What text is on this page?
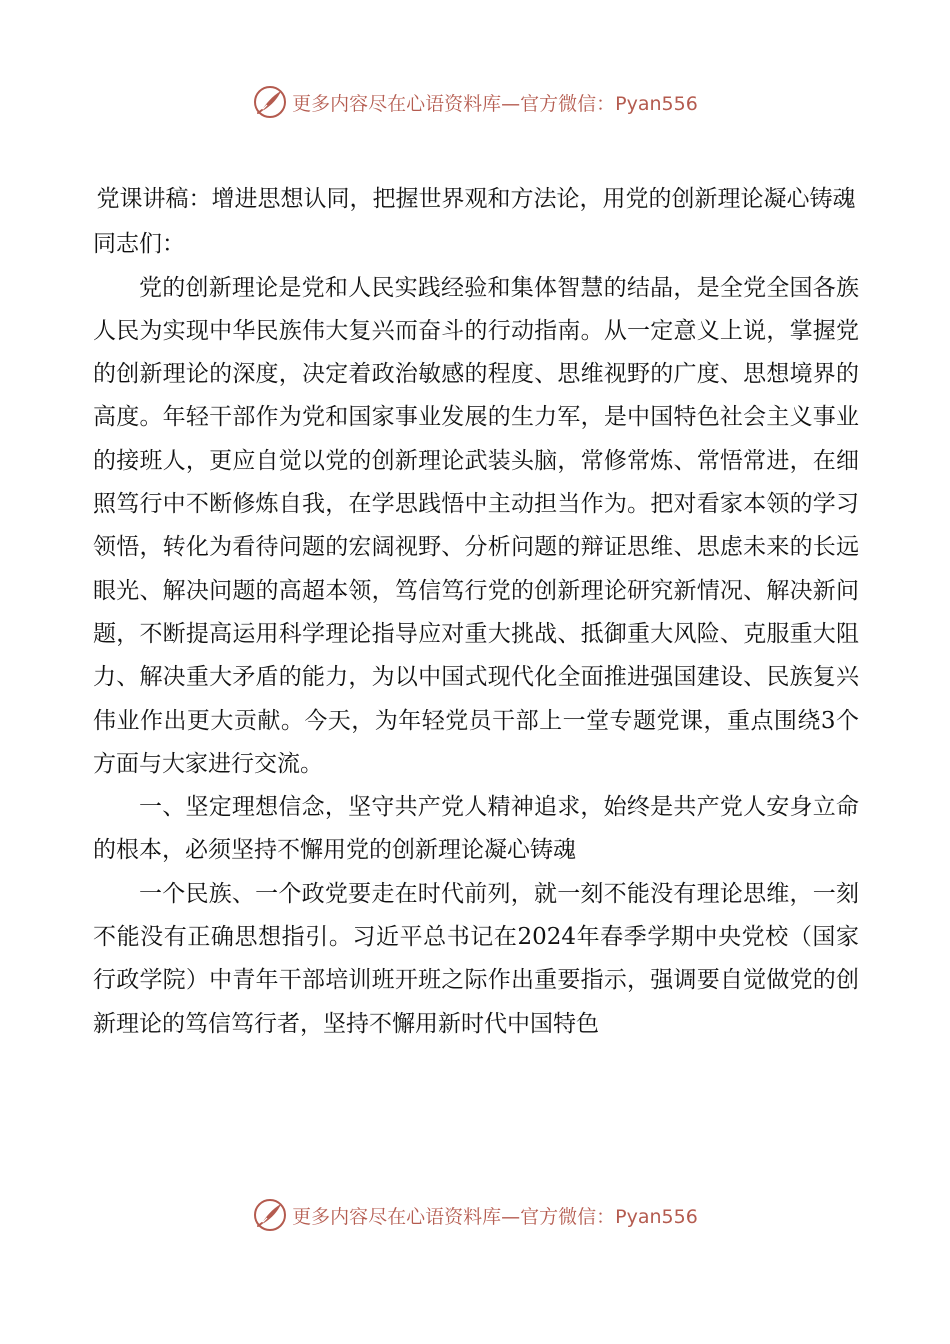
更多内容尽在心语资料库—官方微信：Pyan556
党课讲稿：增进思想认同，把握世界观和方法论，用党的创新理论凝心铸魂

同志们：

党的创新理论是党和人民实践经验和集体智慧的结晶，是全党全国各族人民为实现中华民族伟大复兴而奋斗的行动指南。从一定意义上说，掌握党的创新理论的深度，决定着政治敏感的程度、思维视野的广度、思想境界的高度。年轻干部作为党和国家事业发展的生力军，是中国特色社会主义事业的接班人，更应自觉以党的创新理论武装头脑，常修常炼、常悟常进，在细照笃行中不断修炼自我，在学思践悟中主动担当作为。把对看家本领的学习领悟，转化为看待问题的宏阔视野、分析问题的辩证思维、思虑未来的长远眼光、解决问题的高超本领，笃信笃行党的创新理论研究新情况、解决新问题，不断提高运用科学理论指导应对重大挑战、抵御重大风险、克服重大阻力、解决重大矛盾的能力，为以中国式现代化全面推进强国建设、民族复兴伟业作出更大贡献。今天，为年轻党员干部上一堂专题党课，重点围绕3个方面与大家进行交流。

一、坚定理想信念，坚守共产党人精神追求，始终是共产党人安身立命的根本，必须坚持不懈用党的创新理论凝心铸魂

一个民族、一个政党要走在时代前列，就一刻不能没有理论思维，一刻不能没有正确思想指引。习近平总书记在2024年春季学期中央党校（国家行政学院）中青年干部培训班开班之际作出重要指示，强调要自觉做党的创新理论的笃信笃行者，坚持不懈用新时代中国特色

更多内容尽在心语资料库—官方微信：Pyan556
